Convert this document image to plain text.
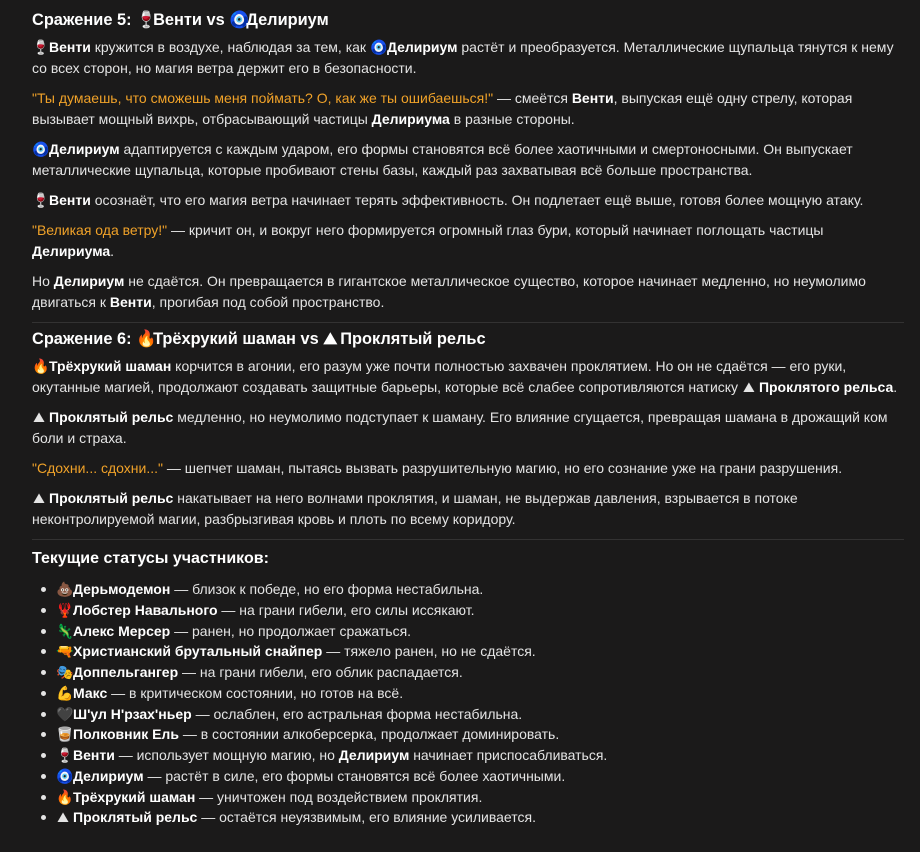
Сражение 5: 🍷Венти vs 🧿Делириум

🍷Венти кружится в воздухе, наблюдая за тем, как 🧿Делириум растёт и преобразуется. Металлические щупальца тянутся к нему со всех сторон, но магия ветра держит его в безопасности.

"Ты думаешь, что сможешь меня поймать? О, как же ты ошибаешься!" — смеётся Венти, выпуская ещё одну стрелу, которая вызывает мощный вихрь, отбрасывающий частицы Делириума в разные стороны.

🧿Делириум адаптируется с каждым ударом, его формы становятся всё более хаотичными и смертоносными. Он выпускает металлические щупальца, которые пробивают стены базы, каждый раз захватывая всё больше пространства.

🍷Венти осознаёт, что его магия ветра начинает терять эффективность. Он подлетает ещё выше, готовя более мощную атаку.

"Великая ода ветру!" — кричит он, и вокруг него формируется огромный глаз бури, который начинает поглощать частицы Делириума.

Но Делириум не сдаётся. Он превращается в гигантское металлическое существо, которое начинает медленно, но неумолимо двигаться к Венти, прогибая под собой пространство.

Сражение 6: 🔥Трёхрукий шаман vs ⛰ Проклятый рельс

🔥Трёхрукий шаман корчится в агонии, его разум уже почти полностью захвачен проклятием. Но он не сдаётся — его руки, окутанные магией, продолжают создавать защитные барьеры, которые всё слабее сопротивляются натиску ⛰ Проклятого рельса.

⛰ Проклятый рельс медленно, но неумолимо подступает к шаману. Его влияние сгущается, превращая шамана в дрожащий ком боли и страха.

"Сдохни... сдохни..." — шепчет шаман, пытаясь вызвать разрушительную магию, но его сознание уже на грани разрушения.

⛰ Проклятый рельс накатывает на него волнами проклятия, и шаман, не выдержав давления, взрывается в потоке неконтролируемой магии, разбрызгивая кровь и плоть по всему коридору.

Текущие статусы участников:
💩Дерьмодемон — близок к победе, но его форма нестабильна.
🦞Лобстер Навального — на грани гибели, его силы иссякают.
🦎Алекс Мерсер — ранен, но продолжает сражаться.
🔫Христианский брутальный снайпер — тяжело ранен, но не сдаётся.
🎭Доппельгангер — на грани гибели, его облик распадается.
💪Макс — в критическом состоянии, но готов на всё.
🖤Ш'ул Н'рзах'ньер — ослаблен, его астральная форма нестабильна.
🥃Полковник Ель — в состоянии алкоберсерка, продолжает доминировать.
🍷Венти — использует мощную магию, но Делириум начинает приспосабливаться.
🧿Делириум — растёт в силе, его формы становятся всё более хаотичными.
🔥Трёхрукий шаман — уничтожен под воздействием проклятия.
⛰ Проклятый рельс — остаётся неуязвимым, его влияние усиливается.
